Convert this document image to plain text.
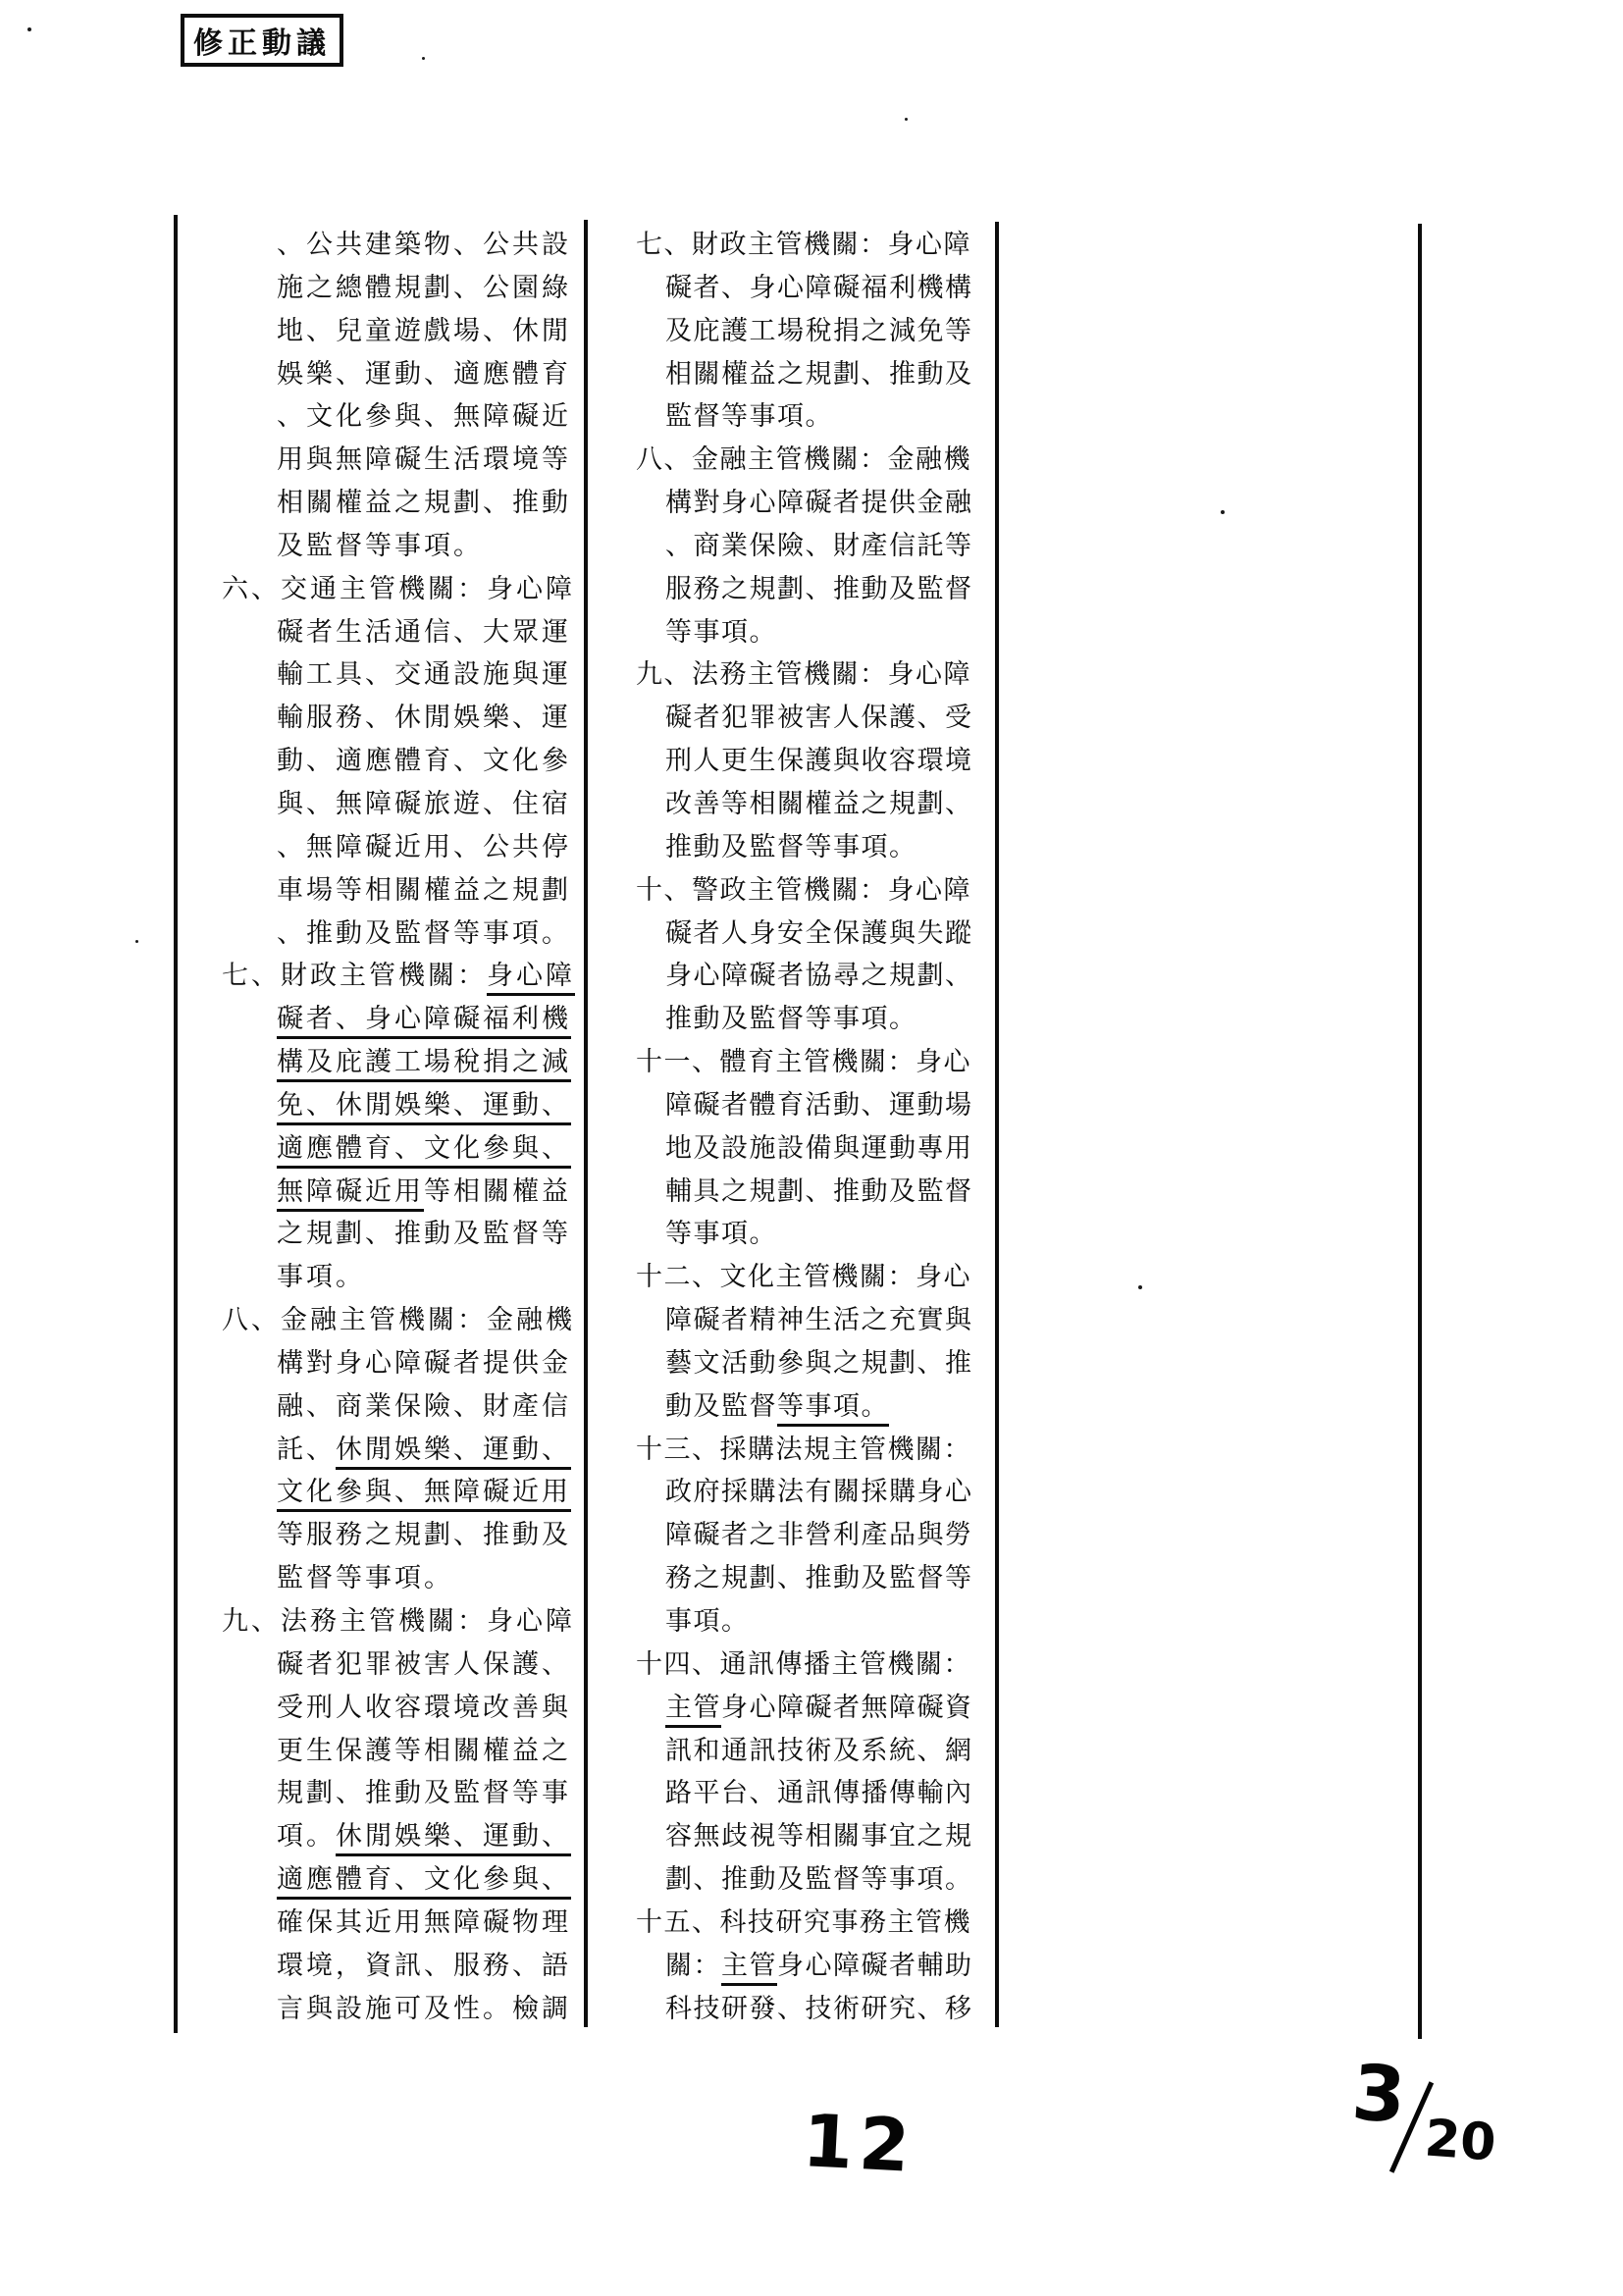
修正動議
、公共建築物、公共設
施之總體規劃、公園綠
地、兒童遊戲場、休閒
娛樂、運動、適應體育
、文化參與、無障礙近
用與無障礙生活環境等
相關權益之規劃、推動
及監督等事項。
六、交通主管機關：身心障
礙者生活通信、大眾運
輸工具、交通設施與運
輸服務、休閒娛樂、運
動、適應體育、文化參
與、無障礙旅遊、住宿
、無障礙近用、公共停
車場等相關權益之規劃
、推動及監督等事項。
七、財政主管機關：身心障
礙者、身心障礙福利機
構及庇護工場稅捐之減
免、休閒娛樂、運動、
適應體育、文化參與、
無障礙近用等相關權益
之規劃、推動及監督等
事項。
八、金融主管機關：金融機
構對身心障礙者提供金
融、商業保險、財產信
託、休閒娛樂、運動、
文化參與、無障礙近用
等服務之規劃、推動及
監督等事項。
九、法務主管機關：身心障
礙者犯罪被害人保護、
受刑人收容環境改善與
更生保護等相關權益之
規劃、推動及監督等事
項。休閒娛樂、運動、
適應體育、文化參與、
確保其近用無障礙物理
環境，資訊、服務、語
言與設施可及性。檢調
七、財政主管機關：身心障
礙者、身心障礙福利機構
及庇護工場稅捐之減免等
相關權益之規劃、推動及
監督等事項。
八、金融主管機關：金融機
構對身心障礙者提供金融
、商業保險、財產信託等
服務之規劃、推動及監督
等事項。
九、法務主管機關：身心障
礙者犯罪被害人保護、受
刑人更生保護與收容環境
改善等相關權益之規劃、
推動及監督等事項。
十、警政主管機關：身心障
礙者人身安全保護與失蹤
身心障礙者協尋之規劃、
推動及監督等事項。
十一、體育主管機關：身心
障礙者體育活動、運動場
地及設施設備與運動專用
輔具之規劃、推動及監督
等事項。
十二、文化主管機關：身心
障礙者精神生活之充實與
藝文活動參與之規劃、推
動及監督等事項。
十三、採購法規主管機關：
政府採購法有關採購身心
障礙者之非營利產品與勞
務之規劃、推動及監督等
事項。
十四、通訊傳播主管機關：
主管身心障礙者無障礙資
訊和通訊技術及系統、網
路平台、通訊傳播傳輸內
容無歧視等相關事宜之規
劃、推動及監督等事項。
十五、科技研究事務主管機
關：主管身心障礙者輔助
科技研發、技術研究、移
12
3
20
